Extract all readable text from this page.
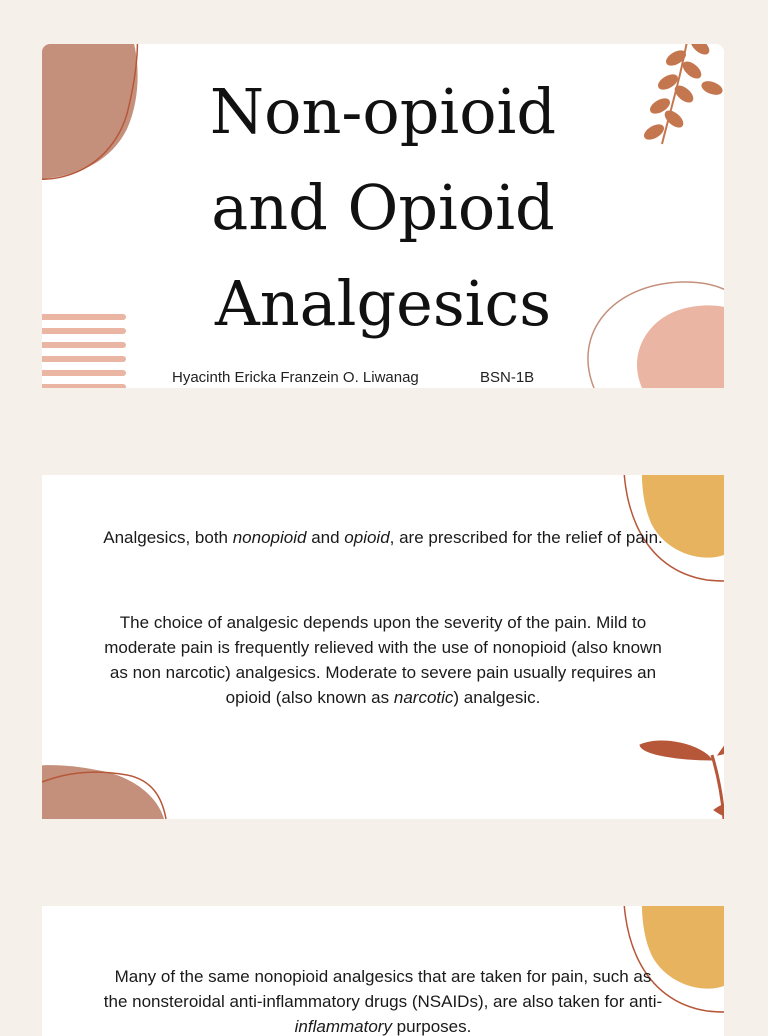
Non-opioid
and Opioid
Analgesics
Hyacinth Ericka Franzein O. Liwanag	BSN-1B

Analgesics, both nonopioid and opioid, are prescribed for the relief of pain.

The choice of analgesic depends upon the severity of the pain. Mild to moderate pain is frequently relieved with the use of nonopioid (also known as non narcotic) analgesics. Moderate to severe pain usually requires an opioid (also known as narcotic) analgesic.

Many of the same nonopioid analgesics that are taken for pain, such as the nonsteroidal anti-inflammatory drugs (NSAIDs), are also taken for anti-inflammatory purposes.
